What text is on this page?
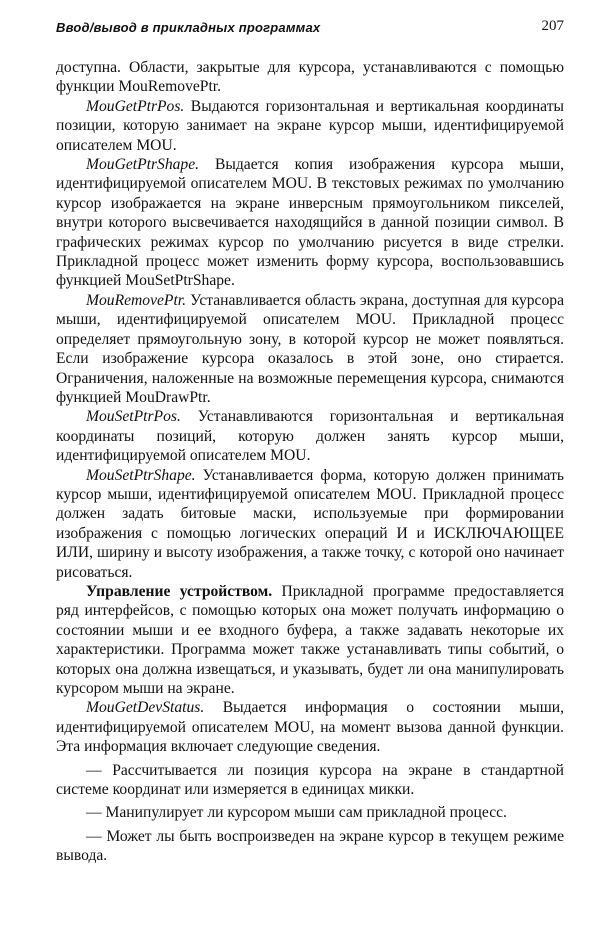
Ввод/вывод в прикладных программах	207

доступна. Области, закрытые для курсора, устанавливаются с помощью функции MouRemovePtr.

MouGetPtrPos. Выдаются горизонтальная и вертикальная координаты позиции, которую занимает на экране курсор мыши, идентифицируемой описателем MOU.

MouGetPtrShape. Выдается копия изображения курсора мыши, идентифицируемой описателем MOU. В текстовых режимах по умолчанию курсор изображается на экране инверсным прямоугольником пикселей, внутри которого высвечивается находящийся в данной позиции символ. В графических режимах курсор по умолчанию рисуется в виде стрелки. Прикладной процесс может изменить форму курсора, воспользовавшись функцией MouSetPtrShape.

MouRemovePtr. Устанавливается область экрана, доступная для курсора мыши, идентифицируемой описателем MOU. Прикладной процесс определяет прямоугольную зону, в которой курсор не может появляться. Если изображение курсора оказалось в этой зоне, оно стирается. Ограничения, наложенные на возможные перемещения курсора, снимаются функцией MouDrawPtr.

MouSetPtrPos. Устанавливаются горизонтальная и вертикальная координаты позиций, которую должен занять курсор мыши, идентифицируемой описателем MOU.

MouSetPtrShape. Устанавливается форма, которую должен принимать курсор мыши, идентифицируемой описателем MOU. Прикладной процесс должен задать битовые маски, используемые при формировании изображения с помощью логических операций И и ИСКЛЮЧАЮЩЕЕ ИЛИ, ширину и высоту изображения, а также точку, с которой оно начинает рисоваться.

Управление устройством. Прикладной программе предоставляется ряд интерфейсов, с помощью которых она может получать информацию о состоянии мыши и ее входного буфера, а также задавать некоторые их характеристики. Программа может также устанавливать типы событий, о которых она должна извещаться, и указывать, будет ли она манипулировать курсором мыши на экране.

MouGetDevStatus. Выдается информация о состоянии мыши, идентифицируемой описателем MOU, на момент вызова данной функции. Эта информация включает следующие сведения.

— Рассчитывается ли позиция курсора на экране в стандартной системе координат или измеряется в единицах микки.

— Манипулирует ли курсором мыши сам прикладной процесс.

— Может лы быть воспроизведен на экране курсор в текущем режиме вывода.
